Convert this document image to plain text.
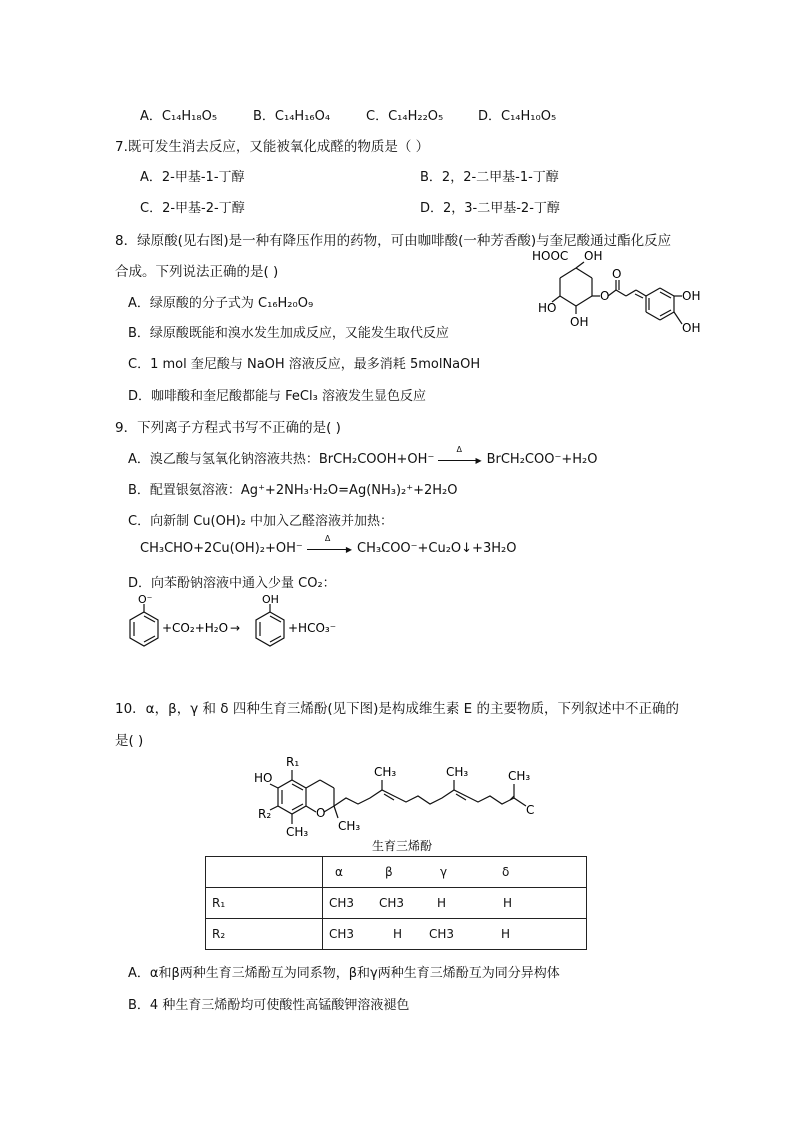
A．C₁₄H₁₈O₅	B．C₁₄H₁₆O₄	C．C₁₄H₂₂O₅	D．C₁₄H₁₀O₅
7.既可发生消去反应，又能被氧化成醛的物质是（ ）
A．2-甲基-1-丁醇	B．2，2-二甲基-1-丁醇
C．2-甲基-2-丁醇	D．2，3-二甲基-2-丁醇
8．绿原酸(见右图)是一种有降压作用的药物，可由咖啡酸(一种芳香酸)与奎尼酸通过酯化反应
合成。下列说法正确的是( )
A．绿原酸的分子式为 C₁₆H₂₀O₉
B．绿原酸既能和溴水发生加成反应，又能发生取代反应
C．1 mol 奎尼酸与 NaOH 溶液反应，最多消耗 5molNaOH
D．咖啡酸和奎尼酸都能与 FeCl₃ 溶液发生显色反应
HOOC OH
O
O
HO
OH
OH
OH
9．下列离子方程式书写不正确的是( )
A．溴乙酸与氢氧化钠溶液共热：BrCH₂COOH+OH⁻
Δ
▶ BrCH₂COO⁻+H₂O
B．配置银氨溶液：Ag⁺+2NH₃·H₂O=Ag(NH₃)₂⁺+2H₂O
C．向新制 Cu(OH)₂ 中加入乙醛溶液并加热：
CH₃CHO+2Cu(OH)₂+OH⁻
Δ
▶ CH₃COO⁻+Cu₂O↓+3H₂O
D．向苯酚钠溶液中通入少量 CO₂：
O⁻
+CO₂+H₂O →
OH
+HCO₃⁻
10．α，β，γ 和 δ 四种生育三烯酚(见下图)是构成维生素 E 的主要物质，下列叙述中不正确的
是( )
HO
R₁
R₂
CH₃
O
CH₃
CH₃	CH₃	CH₃
C
生育三烯酚
	α β γ δ
R₁	CH3 CH3 H H
R₂	CH3 H CH3 H
A．α和β两种生育三烯酚互为同系物，β和γ两种生育三烯酚互为同分异构体
B．4 种生育三烯酚均可使酸性高锰酸钾溶液褪色
